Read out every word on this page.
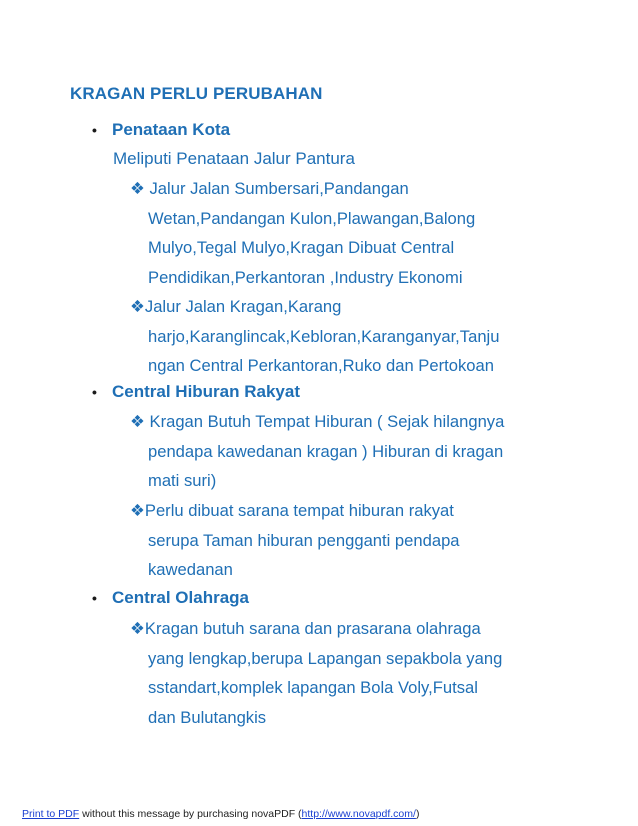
KRAGAN PERLU PERUBAHAN
• Penataan Kota
Meliputi Penataan Jalur Pantura
❖ Jalur Jalan Sumbersari,Pandangan
Wetan,Pandangan Kulon,Plawangan,Balong
Mulyo,Tegal Mulyo,Kragan Dibuat Central
Pendidikan,Perkantoran ,Industry Ekonomi
❖Jalur Jalan Kragan,Karang
harjo,Karanglincak,Kebloran,Karanganyar,Tanju
ngan Central Perkantoran,Ruko dan Pertokoan
• Central Hiburan Rakyat
❖ Kragan Butuh Tempat Hiburan ( Sejak hilangnya
pendapa kawedanan kragan ) Hiburan di kragan
mati suri)
❖Perlu dibuat sarana tempat hiburan rakyat
serupa Taman hiburan pengganti pendapa
kawedanan
• Central Olahraga
❖Kragan butuh sarana dan prasarana olahraga
yang lengkap,berupa Lapangan sepakbola yang
sstandart,komplek lapangan Bola Voly,Futsal
dan Bulutangkis
Print to PDF without this message by purchasing novaPDF (http://www.novapdf.com/)
